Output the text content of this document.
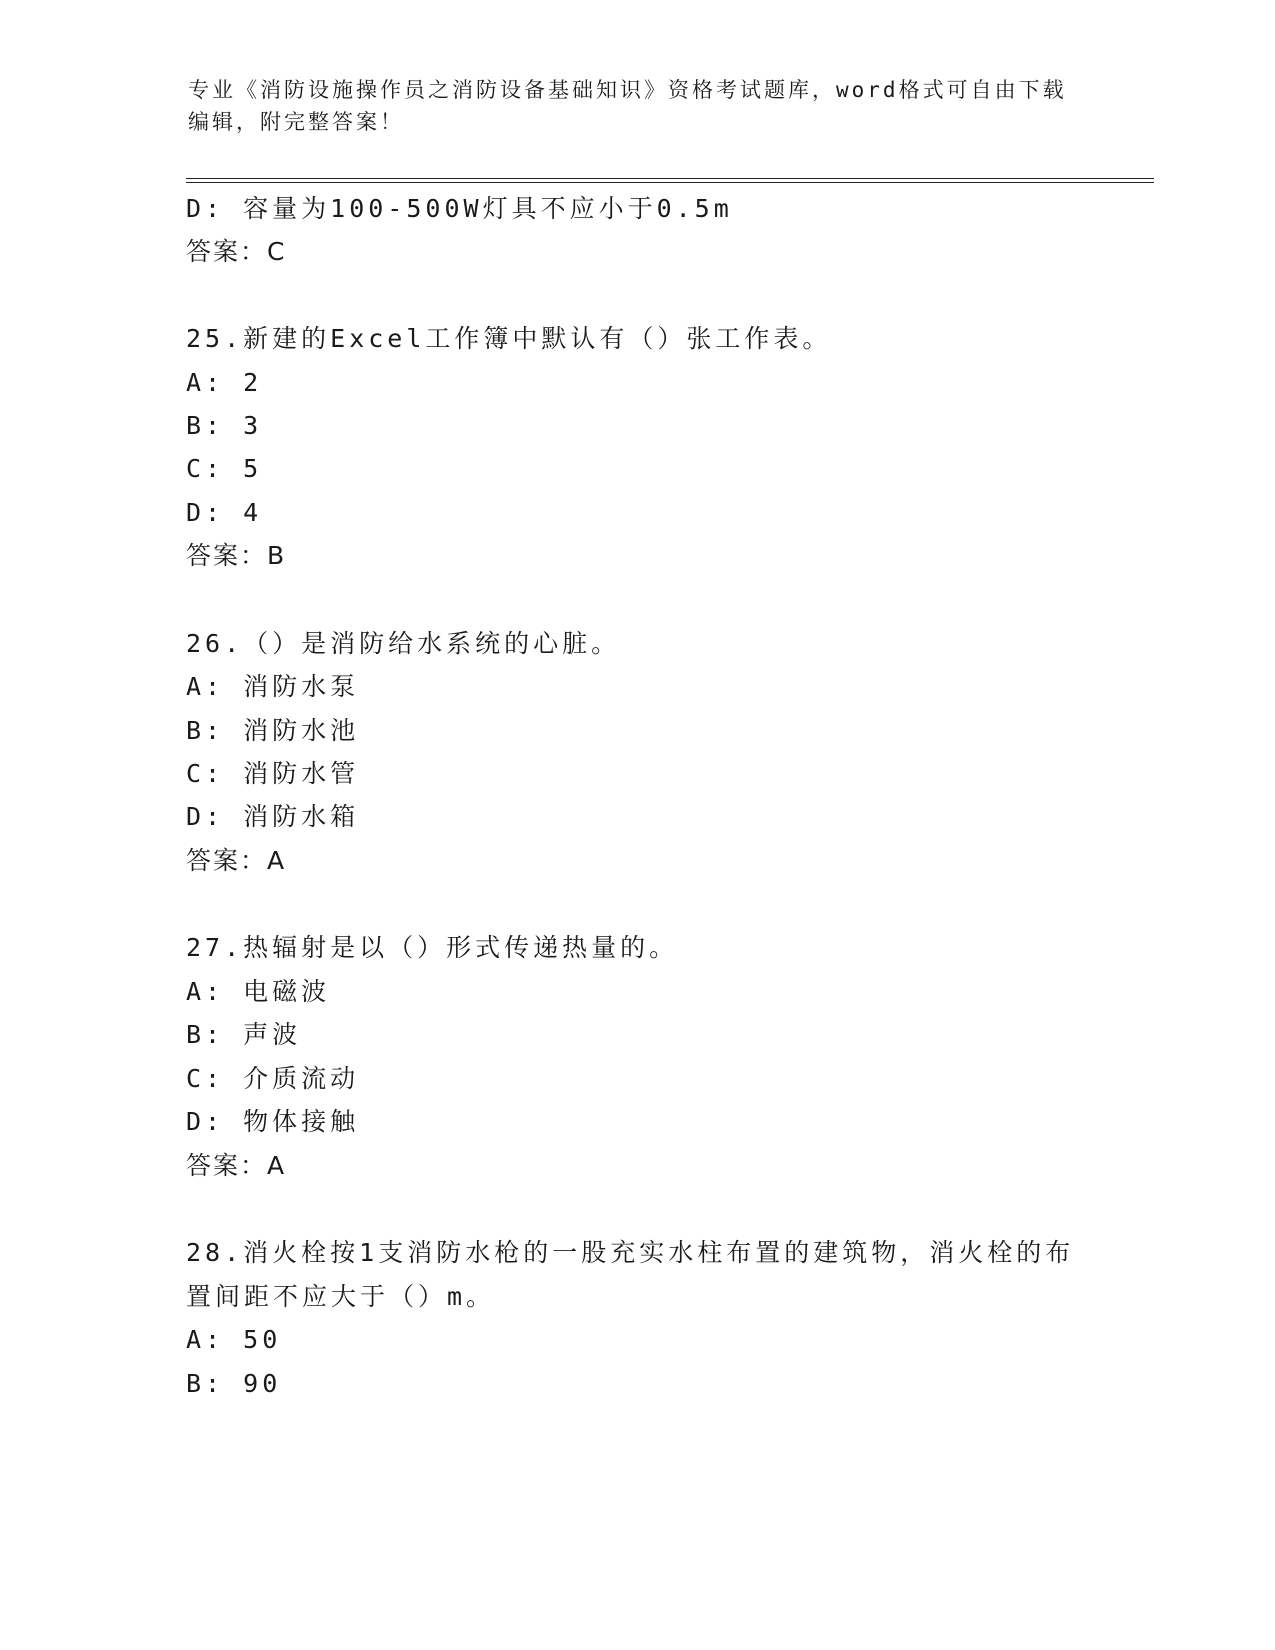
专业《消防设施操作员之消防设备基础知识》资格考试题库，word格式可自由下载编辑，附完整答案！
D: 容量为100-500W灯具不应小于0.5m
答案：C
25.新建的Excel工作簿中默认有（）张工作表。
A: 2
B: 3
C: 5
D: 4
答案：B
26.（）是消防给水系统的心脏。
A: 消防水泵
B: 消防水池
C: 消防水管
D: 消防水箱
答案：A
27.热辐射是以（）形式传递热量的。
A: 电磁波
B: 声波
C: 介质流动
D: 物体接触
答案：A
28.消火栓按1支消防水枪的一股充实水柱布置的建筑物，消火栓的布
置间距不应大于（）m。
A: 50
B: 90
